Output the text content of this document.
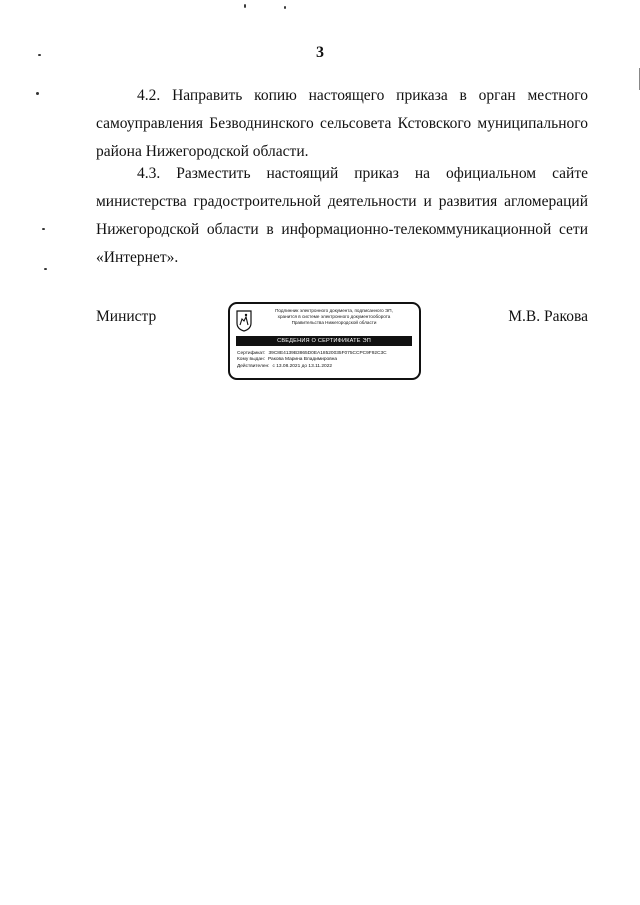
3
4.2. Направить копию настоящего приказа в орган местного самоуправления Безводнинского сельсовета Кстовского муниципального района Нижегородской области.
4.3. Разместить настоящий приказ на официальном сайте министерства градостроительной деятельности и развития агломераций Нижегородской области в информационно-телекоммуникационной сети «Интернет».
Министр	Подлинник электронного документа, подписанного ЭП,
хранится в системе электронного документооборота
Правительства Нижегородской области
СВЕДЕНИЯ О СЕРТИФИКАТЕ ЭП
Сертификат: 39C8E4139B3865D0EA18520035F075CCPC9F92C3C
Кому выдан: Ракова Марина Владимировна
Действителен: с 13.08.2021 до 13.11.2022
М.В. Ракова
